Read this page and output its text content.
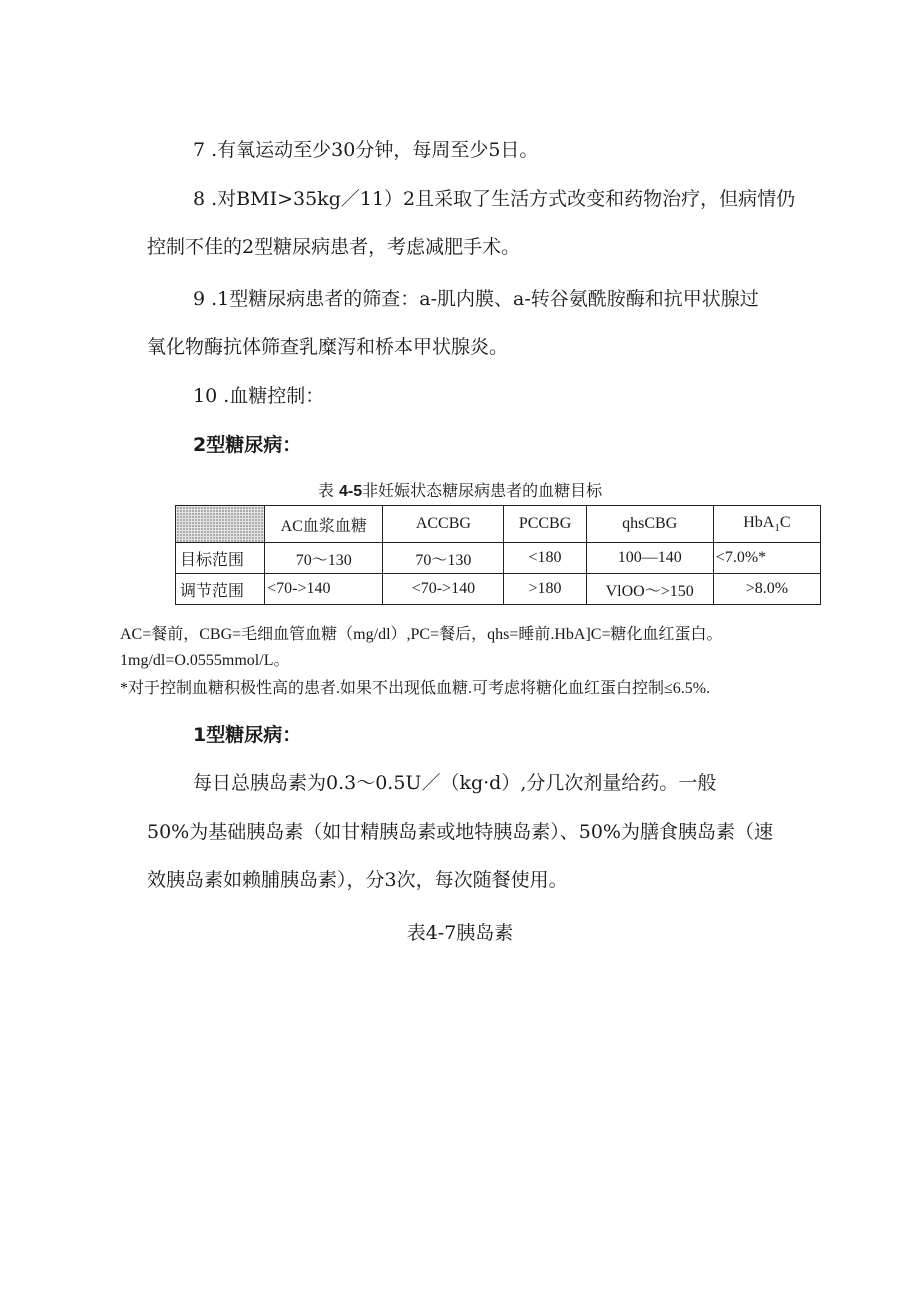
7 .有氧运动至少30分钟，每周至少5日。
8 .对BMI>35kg／11）2且采取了生活方式改变和药物治疗，但病情仍
控制不佳的2型糖尿病患者，考虑减肥手术。
9 .1型糖尿病患者的筛查：a-肌内膜、a-转谷氨酰胺酶和抗甲状腺过
氧化物酶抗体筛查乳糜泻和桥本甲状腺炎。
10 .血糖控制：
2型糖尿病：
表 4-5非妊娠状态糖尿病患者的血糖目标
	AC血浆血糖	ACCBG	PCCBG	qhsCBG	HbA$_1$C
目标范围	70～130	70～130	<180	100—140	<7.0%*
调节范围	<70->140	<70->140	>180	VlOO～>150	>8.0%
AC=餐前，CBG=毛细血管血糖（mg/dl）,PC=餐后，qhs=睡前.HbA]C=糖化血红蛋白。
1mg/dl=O.0555mmol/L。
*对于控制血糖积极性高的患者.如果不出现低血糖.可考虑将糖化血红蛋白控制≤6.5%.
1型糖尿病：
每日总胰岛素为0.3～0.5U／（kg·d）,分几次剂量给药。一般
50%为基础胰岛素（如甘精胰岛素或地特胰岛素）、50%为膳食胰岛素（速
效胰岛素如赖脯胰岛素），分3次，每次随餐使用。
表4-7胰岛素
